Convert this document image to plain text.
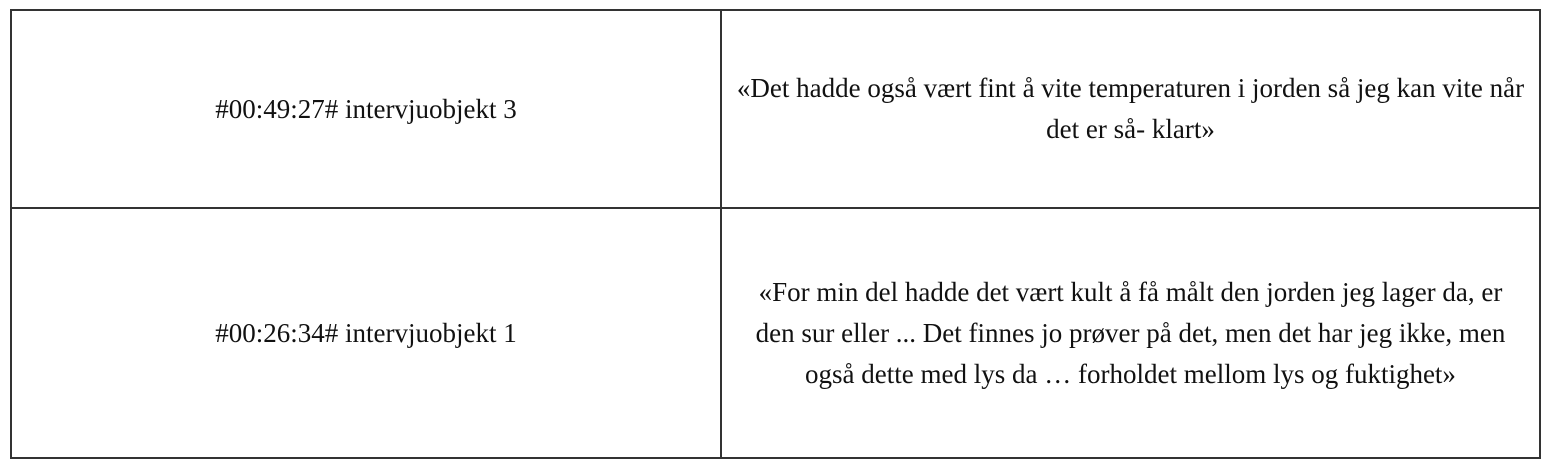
#00:49:27# intervjuobjekt 3	«Det hadde også vært fint å vite temperaturen i jorden så jeg kan vite når det er så- klart»
#00:26:34# intervjuobjekt 1	«For min del hadde det vært kult å få målt den jorden jeg lager da, er den sur eller ... Det finnes jo prøver på det, men det har jeg ikke, men også dette med lys da … forholdet mellom lys og fuktighet»
